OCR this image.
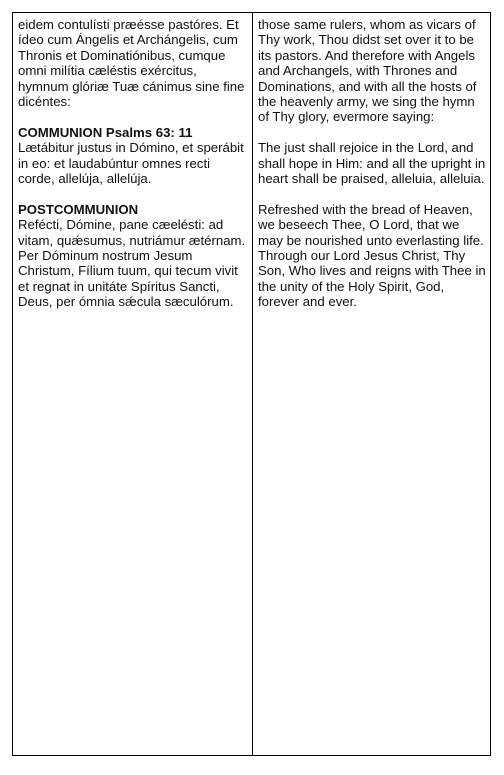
eidem contulísti præésse pastóres. Et ídeo cum Ángelis et Archángelis, cum Thronis et Dominatiónibus, cumque omni milítia cæléstis exércitus, hymnum glóriæ Tuæ cánimus sine fine dicéntes:

COMMUNION Psalms 63: 11

Lætábitur justus in Dómino, et sperábit in eo: et laudabúntur omnes recti corde, allelúja, allelúja.

POSTCOMMUNION

Refécti, Dómine, pane cæelésti: ad vitam, quǽsumus, nutriámur ætérnam. Per Dóminum nostrum Jesum Christum, Fílium tuum, qui tecum vivit et regnat in unitáte Spíritus Sancti, Deus, per ómnia sǽcula sæculórum.

those same rulers, whom as vicars of Thy work, Thou didst set over it to be its pastors. And therefore with Angels and Archangels, with Thrones and Dominations, and with all the hosts of the heavenly army, we sing the hymn of Thy glory, evermore saying:

The just shall rejoice in the Lord, and shall hope in Him: and all the upright in heart shall be praised, alleluia, alleluia.

Refreshed with the bread of Heaven, we beseech Thee, O Lord, that we may be nourished unto everlasting life. Through our Lord Jesus Christ, Thy Son, Who lives and reigns with Thee in the unity of the Holy Spirit, God, forever and ever.
